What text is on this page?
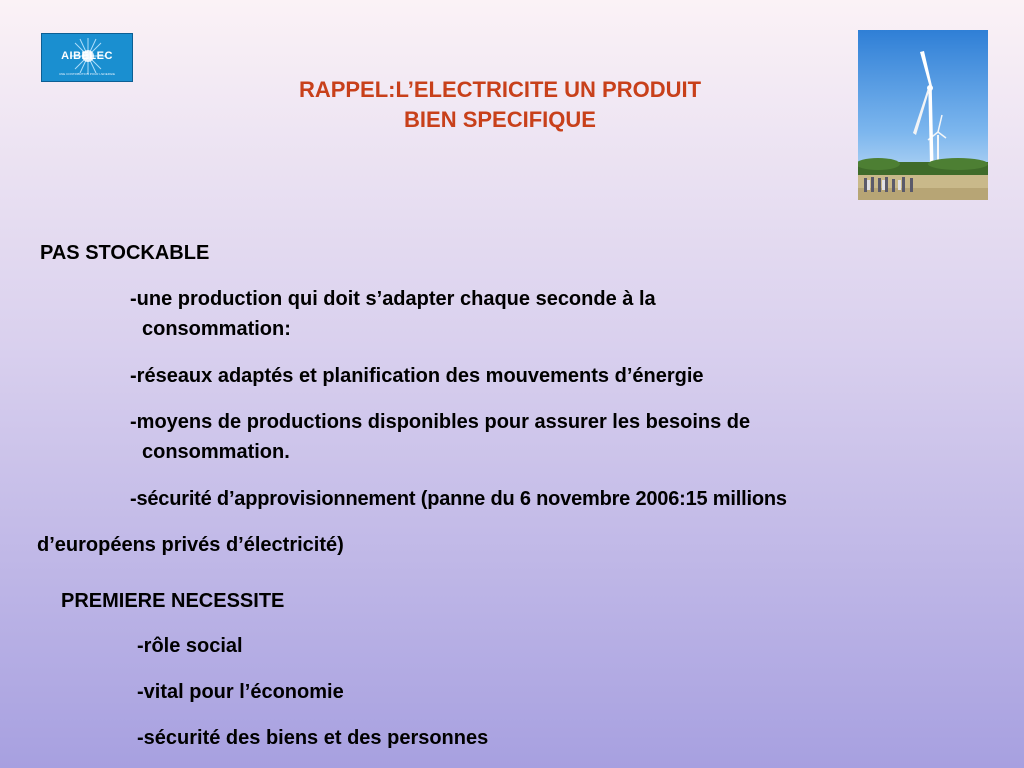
AIBELEC
UNE CONTRIBUTION POUR L'ENERGIE
RAPPEL:L’ELECTRICITE UN PRODUIT
BIEN SPECIFIQUE
PAS STOCKABLE
-une production qui doit s’adapter chaque seconde à la
consommation:
-réseaux adaptés et planification des mouvements d’énergie
-moyens de productions disponibles pour assurer les besoins de
consommation.
-sécurité d’approvisionnement (panne du 6 novembre 2006:15 millions
d’européens privés d’électricité)
PREMIERE NECESSITE
-rôle social
-vital pour l’économie
-sécurité des biens et des personnes
